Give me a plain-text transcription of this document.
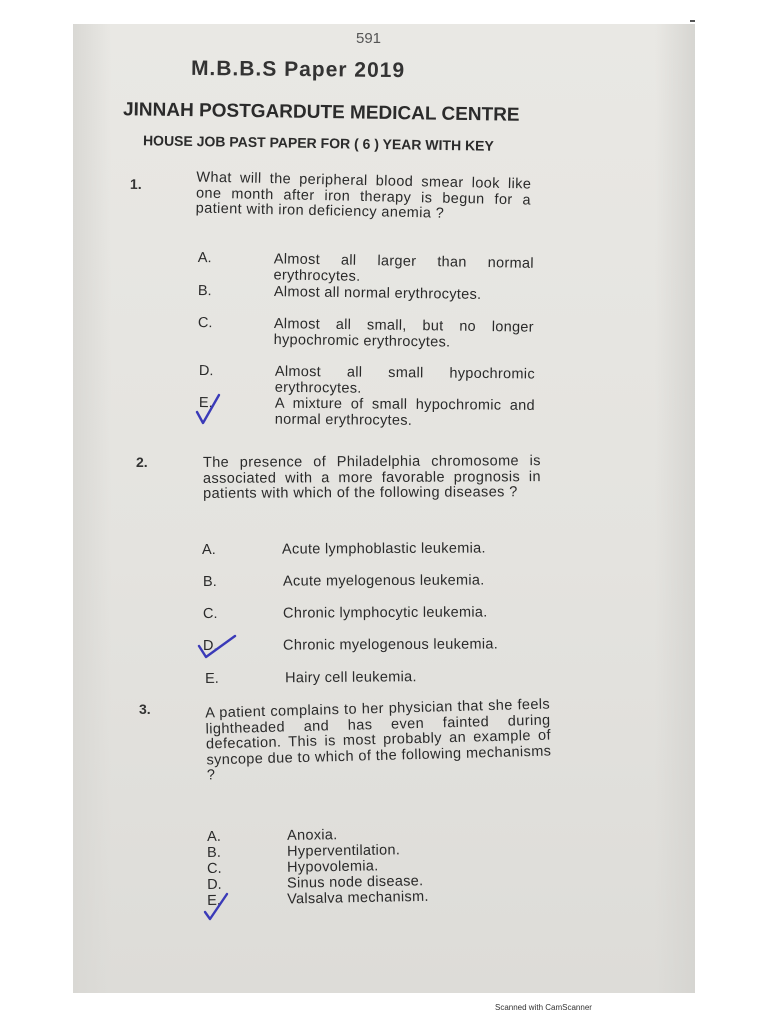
591
M.B.B.S Paper 2019
JINNAH POSTGARDUTE MEDICAL CENTRE
HOUSE JOB PAST PAPER FOR ( 6 ) YEAR WITH KEY
1.	What will the peripheral blood smear look like one month after iron therapy is begun for a patient with iron deficiency anemia ?
A.	Almost all larger than normal erythrocytes.
B.	Almost all normal erythrocytes.
C.	Almost all small, but no longer hypochromic erythrocytes.
D.	Almost all small hypochromic erythrocytes.
E.	A mixture of small hypochromic and normal erythrocytes.
2.	The presence of Philadelphia chromosome is associated with a more favorable prognosis in patients with which of the following diseases ?
A.	Acute lymphoblastic leukemia.
B.	Acute myelogenous leukemia.
C.	Chronic lymphocytic leukemia.
D.	Chronic myelogenous leukemia.
E.	Hairy cell leukemia.
3.	A patient complains to her physician that she feels lightheaded and has even fainted during defecation. This is most probably an example of syncope due to which of the following mechanisms ?
A.	Anoxia.
B.	Hyperventilation.
C.	Hypovolemia.
D.	Sinus node disease.
E.	Valsalva mechanism.
Scanned with CamScanner
